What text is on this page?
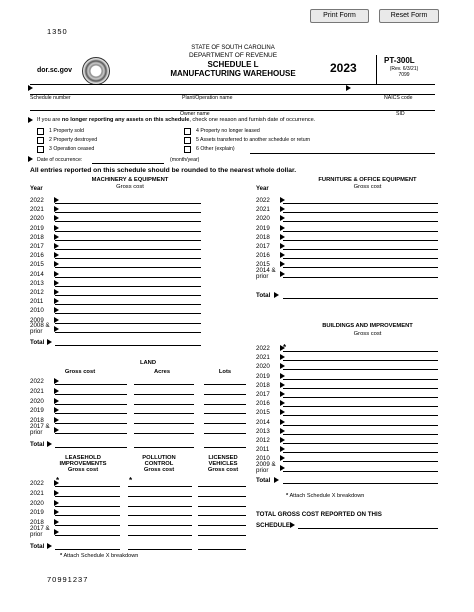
Print Form	Reset Form
1350
dor.sc.gov
STATE OF SOUTH CAROLINA
DEPARTMENT OF REVENUE
SCHEDULE L
MANUFACTURING WAREHOUSE	2023
PT-300L
(Rev. 6/3/21)
7099
Schedule number	Plant/Operation name	NAICS code
Owner name	SID
If you are no longer reporting any assets on this schedule, check one reason and furnish date of occurrence.
1 Property sold
2 Property destroyed
3 Operation ceased
4 Property no longer leased
5 Assets transferred to another schedule or return
6 Other (explain)
Date of occurrence:	(month/year)
All entries reported on this schedule should be rounded to the nearest whole dollar.
MACHINERY & EQUIPMENT
Gross cost
Year
FURNITURE & OFFICE EQUIPMENT
Gross cost
Year
2022
2021
2020
2019
2018
2017
2016
2015
2014
2013
2012
2011
2010
2009
2008 &
prior
Total
2022
2021
2020
2019
2018
2017
2016
2015
2014 &
prior
Total
BUILDINGS AND IMPROVEMENT
Gross cost
2022
2021
2020
2019
2018
2017
2016
2015
2014
2013
2012
2011
2010
2009 &
prior
Total
*
LAND
Gross cost	Acres	Lots
2022
2021
2020
2019
2018
2017 &
prior
Total
LEASEHOLD
IMPROVEMENTS
Gross cost
POLLUTION
CONTROL
Gross cost
LICENSED
VEHICLES
Gross cost
2022
2021
2020
2019
2018
2017 &
prior
Total
*	*
* Attach Schedule X breakdown
* Attach Schedule X breakdown
TOTAL GROSS COST REPORTED ON THIS
SCHEDULE:
70991237
